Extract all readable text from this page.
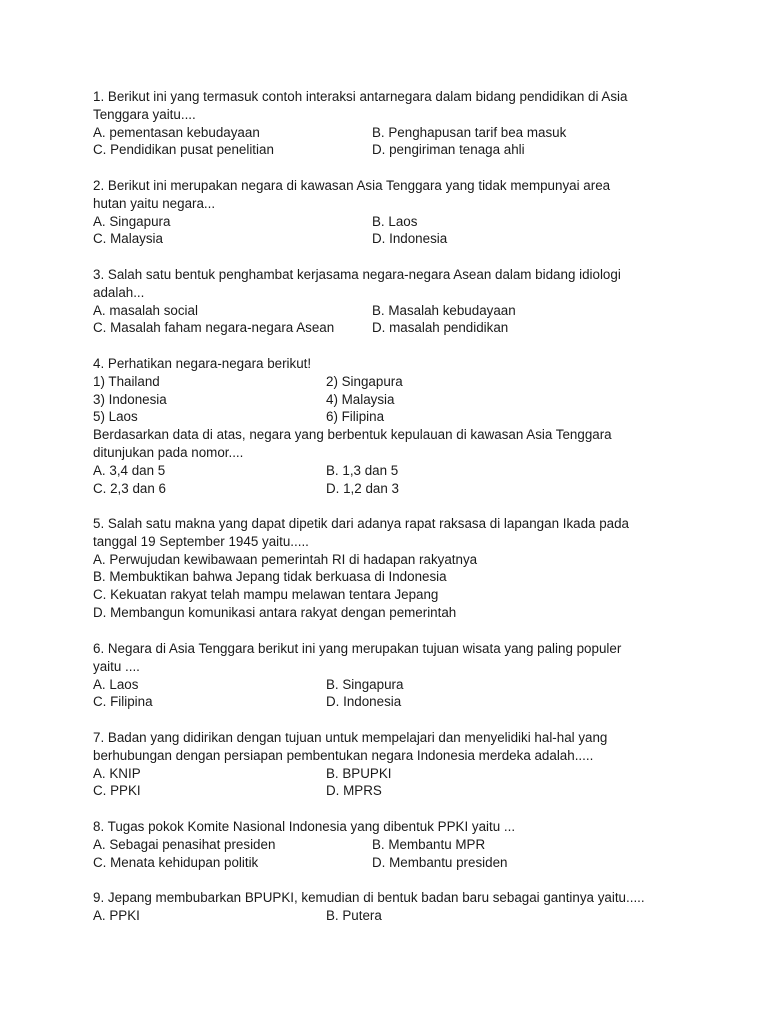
1. Berikut ini yang termasuk contoh interaksi antarnegara dalam bidang pendidikan di Asia
Tenggara yaitu....
A. pementasan kebudayaan	B. Penghapusan tarif bea masuk
C. Pendidikan pusat penelitian	D. pengiriman tenaga ahli
2. Berikut ini merupakan negara di kawasan Asia Tenggara yang tidak mempunyai area
hutan yaitu negara...
A. Singapura	B. Laos
C. Malaysia	D. Indonesia
3. Salah satu bentuk penghambat kerjasama negara-negara Asean dalam bidang idiologi
adalah...
A. masalah social	B. Masalah kebudayaan
C. Masalah faham negara-negara Asean	D. masalah pendidikan
4. Perhatikan negara-negara berikut!
1) Thailand	2) Singapura
3) Indonesia	4) Malaysia
5) Laos	6) Filipina
Berdasarkan data di atas, negara yang berbentuk kepulauan di kawasan Asia Tenggara
ditunjukan pada nomor....
A. 3,4 dan 5	B. 1,3 dan 5
C. 2,3 dan 6	D. 1,2 dan 3
5. Salah satu makna yang dapat dipetik dari adanya rapat raksasa di lapangan Ikada pada
tanggal 19 September 1945 yaitu.....
A. Perwujudan kewibawaan pemerintah RI di hadapan rakyatnya
B. Membuktikan bahwa Jepang tidak berkuasa di Indonesia
C. Kekuatan rakyat telah mampu melawan tentara Jepang
D. Membangun komunikasi antara rakyat dengan pemerintah
6. Negara di Asia Tenggara berikut ini yang merupakan tujuan wisata yang paling populer
yaitu ....
A. Laos	B. Singapura
C. Filipina	D. Indonesia
7. Badan yang didirikan dengan tujuan untuk mempelajari dan menyelidiki hal-hal yang
berhubungan dengan persiapan pembentukan negara Indonesia merdeka adalah.....
A. KNIP	B. BPUPKI
C. PPKI	D. MPRS
8. Tugas pokok Komite Nasional Indonesia yang dibentuk PPKI yaitu ...
A. Sebagai penasihat presiden	B. Membantu MPR
C. Menata kehidupan politik	D. Membantu presiden
9. Jepang membubarkan BPUPKI, kemudian di bentuk badan baru sebagai gantinya yaitu.....
A. PPKI	B. Putera
